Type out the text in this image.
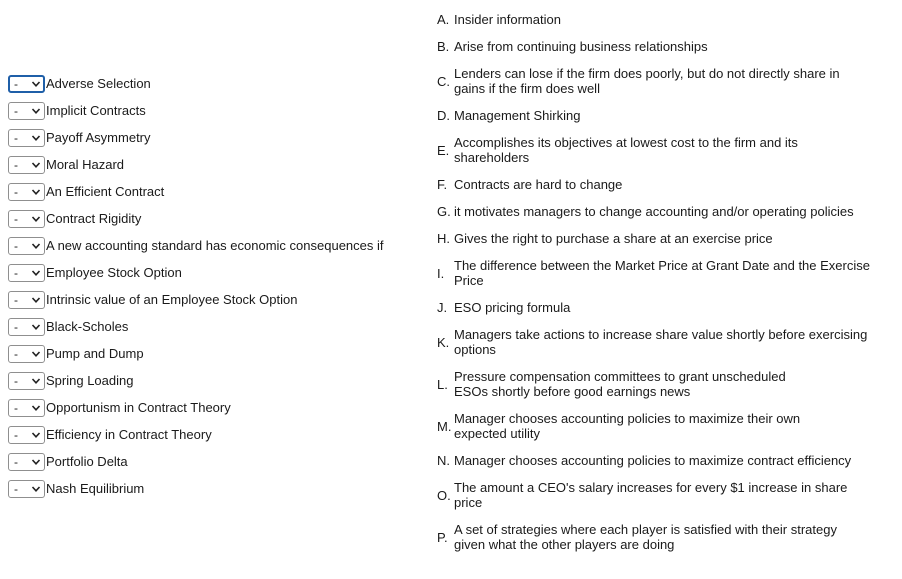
- Adverse Selection
- Implicit Contracts
- Payoff Asymmetry
- Moral Hazard
- An Efficient Contract
- Contract Rigidity
- A new accounting standard has economic consequences if
- Employee Stock Option
- Intrinsic value of an Employee Stock Option
- Black-Scholes
- Pump and Dump
- Spring Loading
- Opportunism in Contract Theory
- Efficiency in Contract Theory
- Portfolio Delta
- Nash Equilibrium
A. Insider information
B. Arise from continuing business relationships
C. Lenders can lose if the firm does poorly, but do not directly share in gains if the firm does well
D. Management Shirking
E. Accomplishes its objectives at lowest cost to the firm and its shareholders
F. Contracts are hard to change
G. it motivates managers to change accounting and/or operating policies
H. Gives the right to purchase a share at an exercise price
I. The difference between the Market Price at Grant Date and the Exercise Price
J. ESO pricing formula
K. Managers take actions to increase share value shortly before exercising options
L. Pressure compensation committees to grant unscheduled ESOs shortly before good earnings news
M. Manager chooses accounting policies to maximize their own expected utility
N. Manager chooses accounting policies to maximize contract efficiency
O. The amount a CEO's salary increases for every $1 increase in share price
P. A set of strategies where each player is satisfied with their strategy given what the other players are doing
